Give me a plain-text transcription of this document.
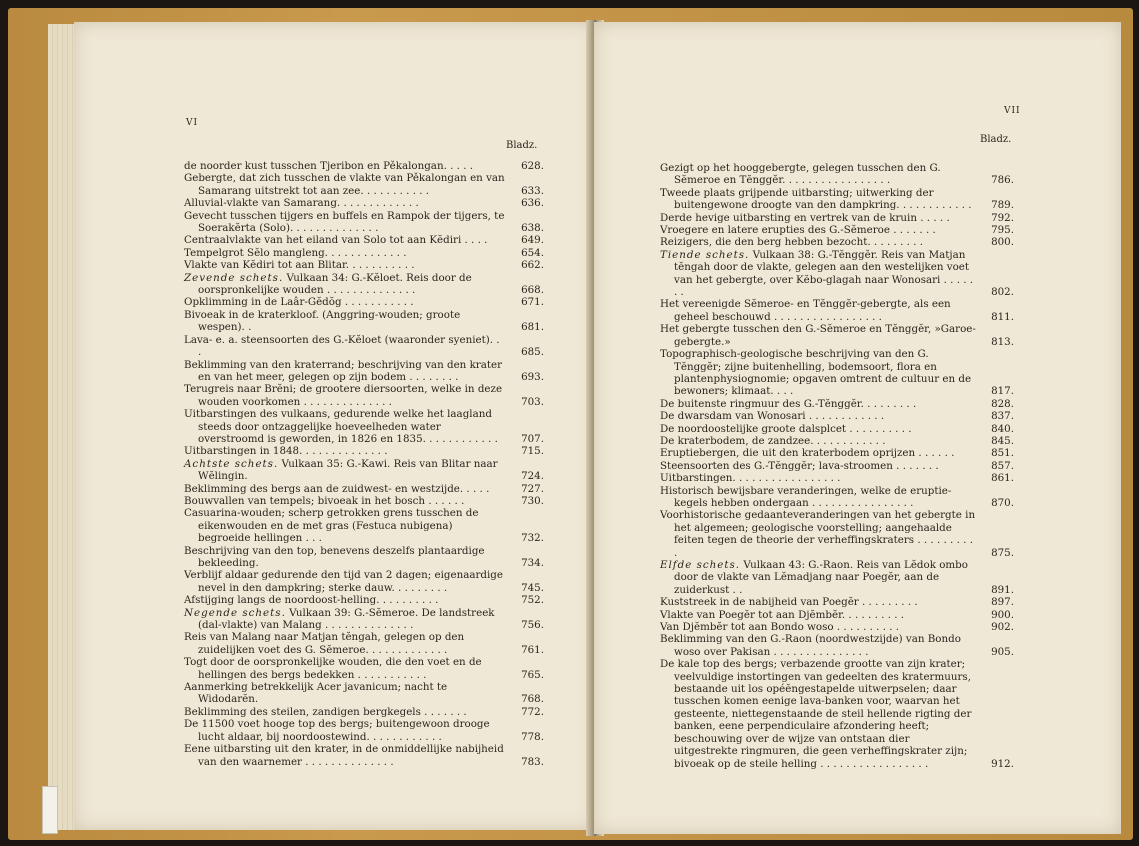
VI
Bladz.
de noorder kust tusschen Tjeribon en Pěkalongan. . . . .	628.
Gebergte, dat zich tusschen de vlakte van Pěkalongan en van Samarang uitstrekt tot aan zee. . . . . . . . . . .	633.
Alluvial-vlakte van Samarang. . . . . . . . . . . . .	636.
Gevecht tusschen tijgers en buffels en Rampok der tijgers, te Soerakĕrta (Solo). . . . . . . . . . . . . .	638.
Centraalvlakte van het eiland van Solo tot aan Kĕdiri . . . .	649.
Tempelgrot Sĕlo mangleng. . . . . . . . . . . . .	654.
Vlakte van Kĕdiri tot aan Blitar. . . . . . . . . . .	662.
Zevende schets. Vulkaan 34: G.-Kĕloet. Reis door de oorspronkelijke wouden . . . . . . . . . . . . . .	668.
Opklimming in de Laâr-Gĕdŏg . . . . . . . . . . .	671.
Bivoeak in de kraterkloof. (Anggring-wouden; groote wespen). .	681.
Lava- e. a. steensoorten des G.-Kĕloet (waaronder syeniet). . .	685.
Beklimming van den kraterrand; beschrijving van den krater en van het meer, gelegen op zijn bodem . . . . . . . .	693.
Terugreis naar Brĕni; de grootere diersoorten, welke in deze wouden voorkomen . . . . . . . . . . . . . .	703.
Uitbarstingen des vulkaans, gedurende welke het laagland steeds door ontzaggelijke hoeveelheden water overstroomd is geworden, in 1826 en 1835. . . . . . . . . . . .	707.
Uitbarstingen in 1848. . . . . . . . . . . . . .	715.
Achtste schets. Vulkaan 35: G.-Kawi. Reis van Blitar naar Wĕlingin.	724.
Beklimming des bergs aan de zuidwest- en westzijde. . . . .	727.
Bouwvallen van tempels; bivoeak in het bosch . . . . . .	730.
Casuarina-wouden; scherp getrokken grens tusschen de eikenwouden en de met gras (Festuca nubigena) begroeide hellingen . . .	732.
Beschrijving van den top, benevens deszelfs plantaardige bekleeding.	734.
Verblijf aldaar gedurende den tijd van 2 dagen; eigenaardige nevel in den dampkring; sterke dauw. . . . . . . . .	745.
Afstijging langs de noordoost-helling. . . . . . . . . .	752.
Negende schets. Vulkaan 39: G.-Sĕmeroe. De landstreek (dal-vlakte) van Malang . . . . . . . . . . . . . .	756.
Reis van Malang naar Matjan tĕngah, gelegen op den zuidelijken voet des G. Sĕmeroe. . . . . . . . . . . . .	761.
Togt door de oorspronkelijke wouden, die den voet en de hellingen des bergs bedekken . . . . . . . . . . .	765.
Aanmerking betrekkelijk Acer javanicum; nacht te Widodarĕn.	768.
Beklimming des steilen, zandigen bergkegels . . . . . . .	772.
De 11500 voet hooge top des bergs; buitengewoon drooge lucht aldaar, bij noordoostewind. . . . . . . . . . . .	778.
Eene uitbarsting uit den krater, in de onmiddellijke nabijheid van den waarnemer . . . . . . . . . . . . . .	783.
VII
Bladz.
Gezigt op het hooggebergte, gelegen tusschen den G. Sĕmeroe en Tĕnggĕr. . . . . . . . . . . . . . . . .	786.
Tweede plaats grijpende uitbarsting; uitwerking der buitengewone droogte van den dampkring. . . . . . . . . . . .	789.
Derde hevige uitbarsting en vertrek van de kruin . . . . .	792.
Vroegere en latere erupties des G.-Sĕmeroe . . . . . . .	795.
Reizigers, die den berg hebben bezocht. . . . . . . . .	800.
Tiende schets. Vulkaan 38: G.-Tĕnggĕr. Reis van Matjan tĕngah door de vlakte, gelegen aan den westelijken voet van het gebergte, over Kĕbo-glagah naar Wonosari . . . . . . .	802.
Het vereenigde Sĕmeroe- en Tĕnggĕr-gebergte, als een geheel beschouwd . . . . . . . . . . . . . . . . .	811.
Het gebergte tusschen den G.-Sĕmeroe en Tĕnggĕr, »Garoe-gebergte.»	813.
Topographisch-geologische beschrijving van den G. Tĕnggĕr; zijne buitenhelling, bodemsoort, flora en plantenphysiognomie; opgaven omtrent de cultuur en de bewoners; klimaat. . . .	817.
De buitenste ringmuur des G.-Tĕnggĕr. . . . . . . . .	828.
De dwarsdam van Wonosari . . . . . . . . . . . .	837.
De noordoostelijke groote dalsplcet . . . . . . . . . .	840.
De kraterbodem, de zandzee. . . . . . . . . . . .	845.
Eruptiebergen, die uit den kraterbodem oprijzen . . . . . .	851.
Steensoorten des G.-Tĕnggĕr; lava-stroomen . . . . . . .	857.
Uitbarstingen. . . . . . . . . . . . . . . . .	861.
Historisch bewijsbare veranderingen, welke de eruptie-kegels hebben ondergaan . . . . . . . . . . . . . . . .	870.
Voorhistorische gedaanteveranderingen van het gebergte in het algemeen; geologische voorstelling; aangehaalde feiten tegen de theorie der verheffingskraters . . . . . . . . . .	875.
Elfde schets. Vulkaan 43: G.-Raon. Reis van Lĕdok ombo door de vlakte van Lĕmadjang naar Poegĕr, aan de zuiderkust . .	891.
Kuststreek in de nabijheid van Poegĕr . . . . . . . . .	897.
Vlakte van Poegĕr tot aan Djĕmbĕr. . . . . . . . . .	900.
Van Djĕmbĕr tot aan Bondo woso . . . . . . . . . .	902.
Beklimming van den G.-Raon (noordwestzijde) van Bondo woso over Pakisan . . . . . . . . . . . . . . .	905.
De kale top des bergs; verbazende grootte van zijn krater; veelvuldige instortingen van gedeelten des kratermuurs, bestaande uit los opéĕngestapelde uitwerpselen; daar tusschen komen eenige lava-banken voor, waarvan het gesteente, niettegenstaande de steil hellende rigting der banken, eene perpendiculaire afzondering heeft; beschouwing over de wijze van ontstaan dier uitgestrekte ringmuren, die geen verheffingskrater zijn; bivoeak op de steile helling . . . . . . . . . . . . . . . . .	912.
